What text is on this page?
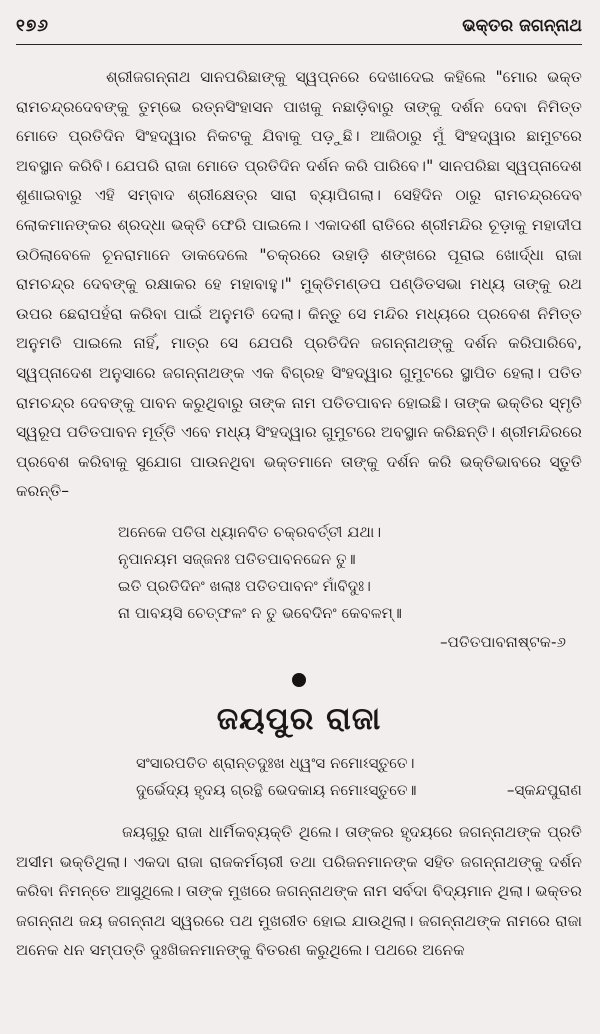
୧୭୬	ଭକ୍ତର ଜଗନ୍ନାଥ

ଶ୍ରୀଜଗନ୍ନାଥ ସାନପରିଛାଙ୍କୁ ସ୍ୱପ୍ନରେ ଦେଖାଦେଇ କହିଲେ "ମୋର ଭକ୍ତ ରାମଚନ୍ଦ୍ରଦେବଙ୍କୁ ତୁମ୍ଭେ ରତ୍ନସିଂହାସନ ପାଖକୁ ନଛାଡ଼ିବାରୁ ତାଙ୍କୁ ଦର୍ଶନ ଦେବା ନିମିତ୍ତ ମୋତେ ପ୍ରତିଦିନ ସିଂହଦ୍ୱାର ନିକଟକୁ ଯିବାକୁ ପଡ଼ୁଛି। ଆଜିଠାରୁ ମୁଁ ସିଂହଦ୍ୱାର ଛାମୁଟରେ ଅବସ୍ଥାନ କରିବି। ଯେପରି ରାଜା ମୋତେ ପ୍ରତିଦିନ ଦର୍ଶନ କରି ପାରିବେ।" ସାନପରିଛା ସ୍ୱପ୍ନାଦେଶ ଶୁଣାଇବାରୁ ଏହି ସମ୍ବାଦ ଶ୍ରୀକ୍ଷେତ୍ର ସାରା ବ୍ୟାପିଗଲା। ସେହିଦିନ ଠାରୁ ରାମଚନ୍ଦ୍ରଦେବ ଲୋକମାନଙ୍କର ଶ୍ରଦ୍ଧା ଭକ୍ତି ଫେରି ପାଇଲେ। ଏକାଦଶୀ ରାତିରେ ଶ୍ରୀମନ୍ଦିର ଚୂଡ଼ାକୁ ମହାଦୀପ ଉଠିଲାବେଳେ ଚୂନରାମାନେ ଡାକଦେଲେ "ଚକ୍ରରେ ଉହାଡ଼ି ଶଙ୍ଖରେ ପୂରାଇ ଖୋର୍ଦ୍ଧା ରାଜା ରାମଚନ୍ଦ୍ର ଦେବଙ୍କୁ ରକ୍ଷାକର ହେ ମହାବାହୁ।" ମୁକ୍ତିମଣ୍ଡପ ପଣ୍ଡିତସଭା ମଧ୍ୟ ତାଙ୍କୁ ରଥ ଉପର ଛେରାପହଁରା କରିବା ପାଇଁ ଅନୁମତି ଦେଲା। କିନ୍ତୁ ସେ ମନ୍ଦିର ମଧ୍ୟରେ ପ୍ରବେଶ ନିମିତ୍ତ ଅନୁମତି ପାଇଲେ ନାହିଁ, ମାତ୍ର ସେ ଯେପରି ପ୍ରତିଦିନ ଜଗନ୍ନାଥଙ୍କୁ ଦର୍ଶନ କରିପାରିବେ, ସ୍ୱପ୍ନାଦେଶ ଅନୁସାରେ ଜଗନ୍ନାଥଙ୍କ ଏକ ବିଗ୍ରହ ସିଂହଦ୍ୱାର ଗୁମୁଟରେ ସ୍ଥାପିତ ହେଲା। ପତିତ ରାମଚନ୍ଦ୍ର ଦେବଙ୍କୁ ପାବନ କରୁଥିବାରୁ ତାଙ୍କ ନାମ ପତିତପାବନ ହୋଇଛି। ତାଙ୍କ ଭକ୍ତିର ସ୍ମୃତି ସ୍ୱରୂପ ପତିତପାବନ ମୂର୍ତ୍ତି ଏବେ ମଧ୍ୟ ସିଂହଦ୍ୱାର ଗୁମୁଟରେ ଅବସ୍ଥାନ କରିଛନ୍ତି। ଶ୍ରୀମନ୍ଦିରରେ ପ୍ରବେଶ କରିବାକୁ ସୁଯୋଗ ପାଉନଥିବା ଭକ୍ତମାନେ ତାଙ୍କୁ ଦର୍ଶନ କରି ଭକ୍ତିଭାବରେ ସ୍ତୁତି କରନ୍ତି–

ଅନେକେ ପତିତା ଧ୍ୟାନବିତ ଚକ୍ରବର୍ତ୍ତୀ ଯଥା।
ନୃପାନୟମ ସଜ୍ଜନଃ ପତିତପାବନଦ୍ଦେନ ତୁ॥
ଇତି ପ୍ରତିଦିନଂ ଖଲାଃ ପତିତପାବନଂ ମାଁବିଦୁଃ।
ନା ପାବୟସି ଚେତ୍‌ଫଳଂ ନ ତୁ ଭବେଦିନଂ କେବଳମ୍॥
–ପତିତପାବନାଷ୍ଟକ-୬
ଜୟପୁର ରାଜା
ସଂସାରପତିତ ଶ୍ରାନ୍ତଦୁଃଖ ଧ୍ୱଂସ ନମୋଽସ୍ତୁତେ।
ଦୁର୍ଭେଦ୍ୟ ହୃଦୟ ଗ୍ରନ୍ଥି ଭେଦକାୟ ନମୋଽସ୍ତୁତେ॥	–ସ୍କନ୍ଦପୁରାଣ

ଜୟଗୁରୁ ରାଜା ଧାର୍ମିକବ୍ୟକ୍ତି ଥିଲେ। ତାଙ୍କର ହୃଦୟରେ ଜଗନ୍ନାଥଙ୍କ ପ୍ରତି ଅସୀମ ଭକ୍ତିଥିଲା। ଏକଦା ରାଜା ରାଜକର୍ମଚାରୀ ତଥା ପରିଜନମାନଙ୍କ ସହିତ ଜଗନ୍ନାଥଙ୍କୁ ଦର୍ଶନ କରିବା ନିମନ୍ତେ ଆସୁଥିଲେ। ତାଙ୍କ ମୁଖରେ ଜଗନ୍ନାଥଙ୍କ ନାମ ସର୍ବଦା ବିଦ୍ୟମାନ ଥିଲା। ଭକ୍ତର ଜଗନ୍ନାଥ ଜୟ ଜଗନ୍ନାଥ ସ୍ୱରରେ ପଥ ମୁଖରୀତ ହୋଇ ଯାଉଥିଲା। ଜଗନ୍ନାଥଙ୍କ ନାମରେ ରାଜା ଅନେକ ଧନ ସମ୍ପତ୍ତି ଦୁଃଖିଜନମାନଙ୍କୁ ବିତରଣ କରୁଥିଲେ। ପଥରେ ଅନେକ
